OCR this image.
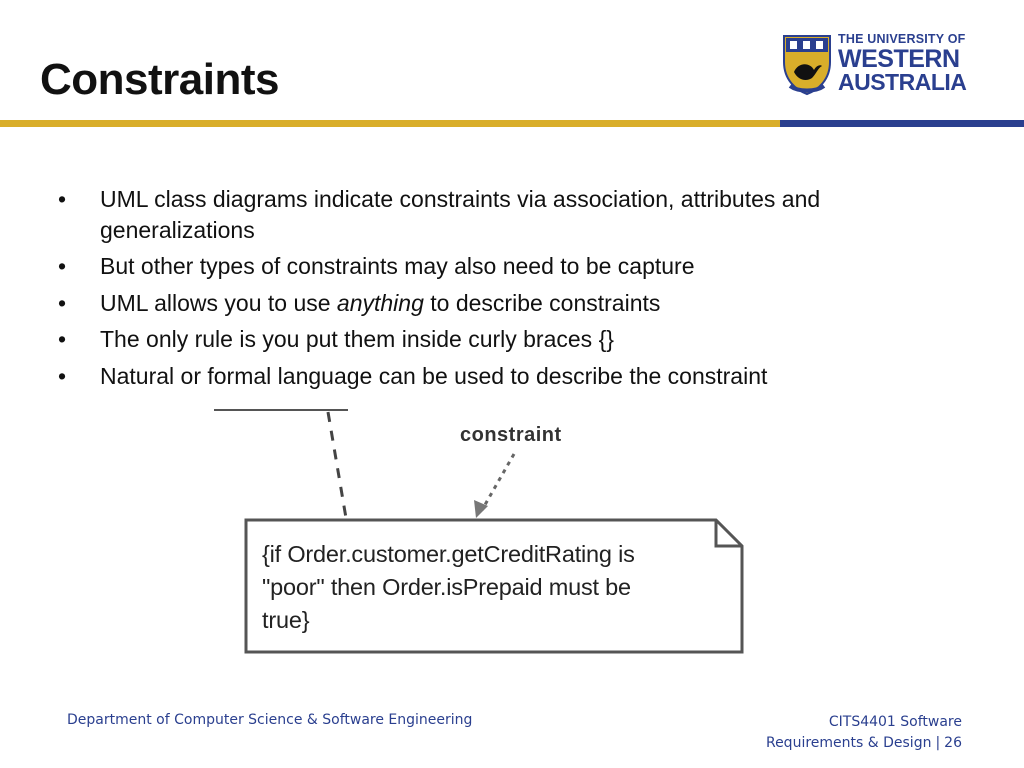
Constraints
THE UNIVERSITY OF
WESTERN
AUSTRALIA
• UML class diagrams indicate constraints via association, attributes and generalizations
• But other types of constraints may also need to be capture
• UML allows you to use anything to describe constraints
• The only rule is you put them inside curly braces {}
• Natural or formal language can be used to describe the constraint
constraint
{if Order.customer.getCreditRating is
"poor" then Order.isPrepaid must be
true}
Department of Computer Science & Software Engineering	CITS4401 Software
Requirements & Design | 26
